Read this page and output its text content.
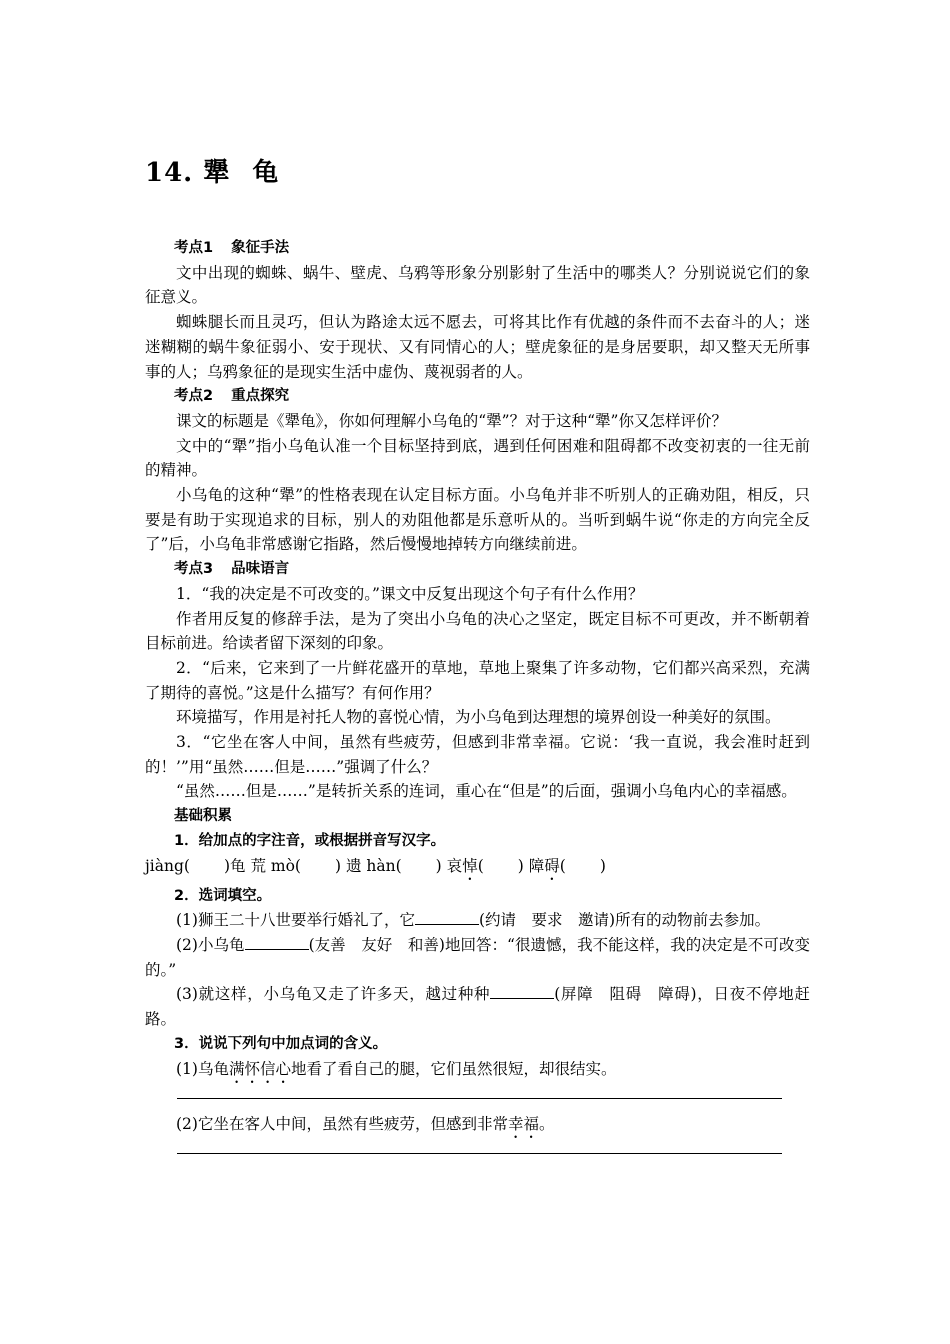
14. 犟 龟

考点1 象征手法

文中出现的蜘蛛、蜗牛、壁虎、乌鸦等形象分别影射了生活中的哪类人？分别说说它们的象征意义。

蜘蛛腿长而且灵巧，但认为路途太远不愿去，可将其比作有优越的条件而不去奋斗的人；迷迷糊糊的蜗牛象征弱小、安于现状、又有同情心的人；壁虎象征的是身居要职，却又整天无所事事的人；乌鸦象征的是现实生活中虚伪、蔑视弱者的人。

考点2 重点探究

课文的标题是《犟龟》，你如何理解小乌龟的“犟”？对于这种“犟”你又怎样评价？

文中的“犟”指小乌龟认准一个目标坚持到底，遇到任何困难和阻碍都不改变初衷的一往无前的精神。

小乌龟的这种“犟”的性格表现在认定目标方面。小乌龟并非不听别人的正确劝阻，相反，只要是有助于实现追求的目标，别人的劝阻他都是乐意听从的。当听到蜗牛说“你走的方向完全反了”后，小乌龟非常感谢它指路，然后慢慢地掉转方向继续前进。

考点3 品味语言

1．“我的决定是不可改变的。”课文中反复出现这个句子有什么作用？

作者用反复的修辞手法，是为了突出小乌龟的决心之坚定，既定目标不可更改，并不断朝着目标前进。给读者留下深刻的印象。

2．“后来，它来到了一片鲜花盛开的草地，草地上聚集了许多动物，它们都兴高采烈，充满了期待的喜悦。”这是什么描写？有何作用？

环境描写，作用是衬托人物的喜悦心情，为小乌龟到达理想的境界创设一种美好的氛围。

3．“它坐在客人中间，虽然有些疲劳，但感到非常幸福。它说：‘我一直说，我会准时赶到的！’”用“虽然……但是……”强调了什么？

“虽然……但是……”是转折关系的连词，重心在“但是”的后面，强调小乌龟内心的幸福感。

基础积累

1．给加点的字注音，或根据拼音写汉字。

jiàng( )龟 荒 mò( ) 遗 hàn( ) 哀悼( ) 障碍( )

2．选词填空。

(1)狮王二十八世要举行婚礼了，它	(约请　要求　邀请)所有的动物前去参加。

(2)小乌龟	(友善　友好　和善)地回答：“很遗憾，我不能这样，我的决定是不可改变的。”

(3)就这样，小乌龟又走了许多天，越过种种	(屏障　阻碍　障碍)，日夜不停地赶路。

3．说说下列句中加点词的含义。

(1)乌龟满怀信心地看了看自己的腿，它们虽然很短，却很结实。

(2)它坐在客人中间，虽然有些疲劳，但感到非常幸福。
